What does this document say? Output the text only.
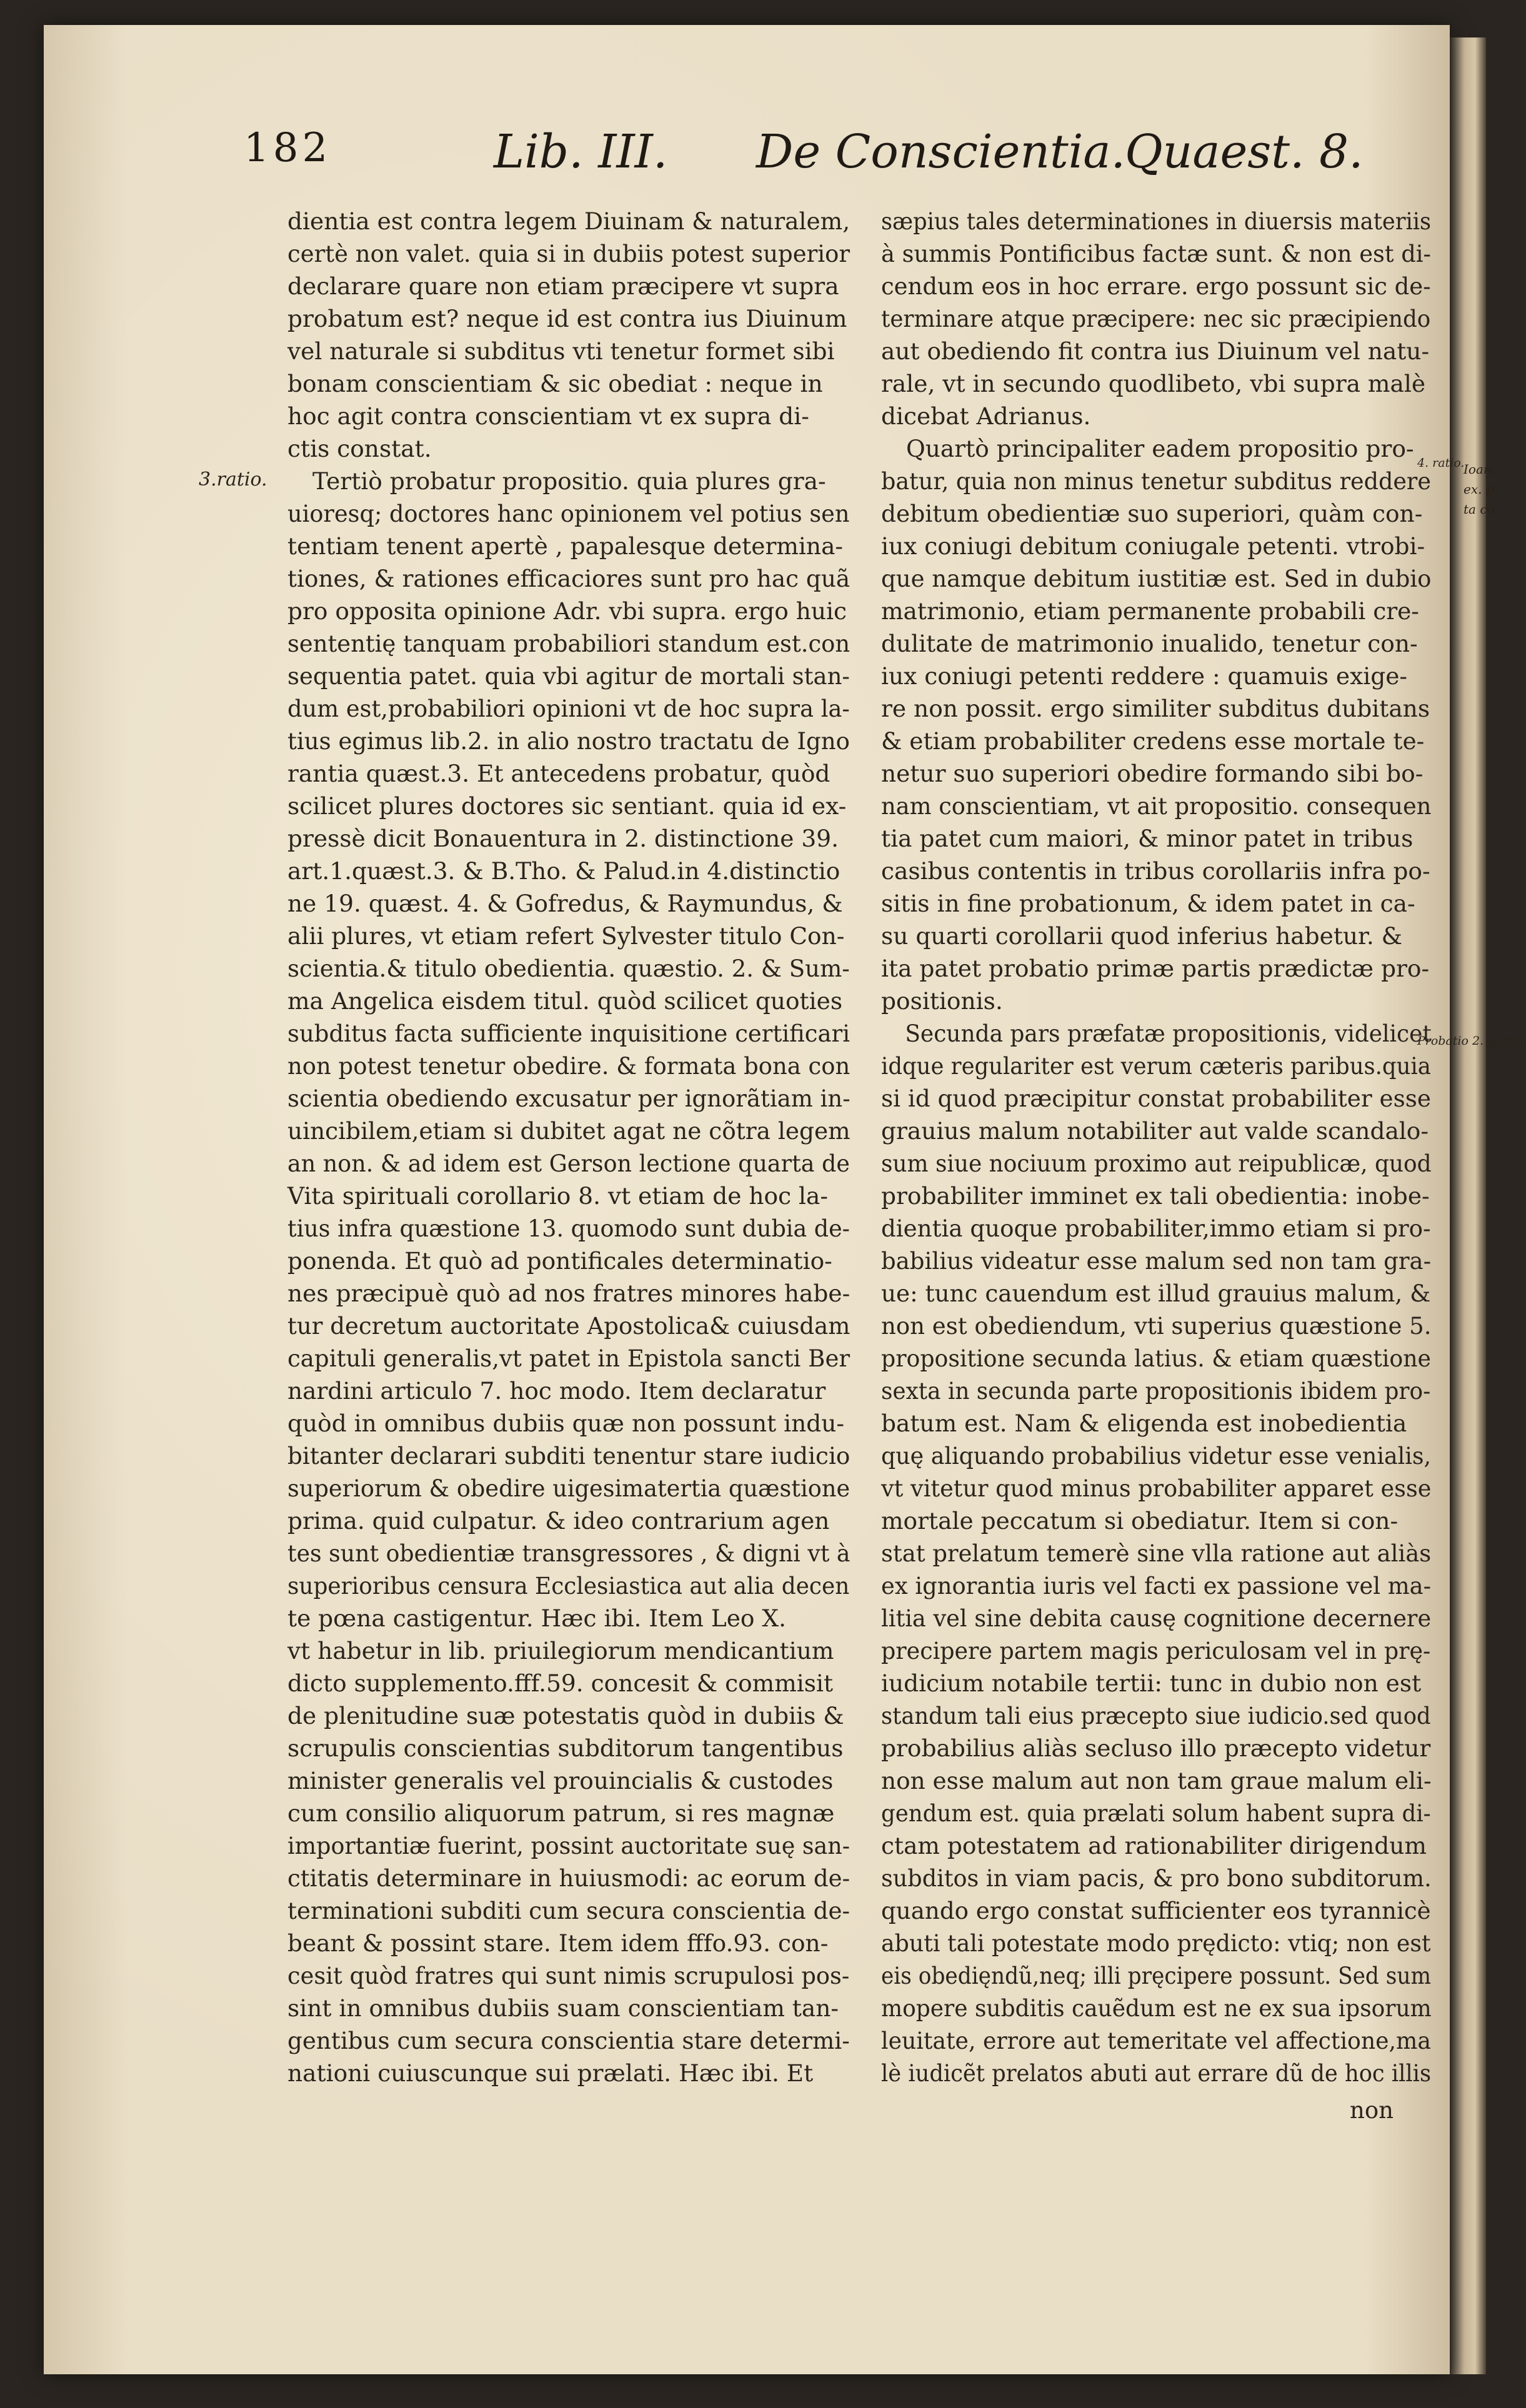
Ioan.
ex. p
ta co
182	Lib. III. De Conscientia.
Quaest. 8.
3.ratio.
4. ratio.
Probatio 2. partis.
dientia est contra legem Diuinam & naturalem,
certè non valet. quia si in dubiis potest superior
declarare quare non etiam præcipere vt supra
probatum est? neque id est contra ius Diuinum
vel naturale si subditus vti tenetur formet sibi
bonam conscientiam & sic obediat : neque in
hoc agit contra conscientiam vt ex supra di-
ctis constat.
Tertiò probatur propositio. quia plures gra-
uioresq; doctores hanc opinionem vel potius sen
tentiam tenent apertè , papalesque determina-
tiones, & rationes efficaciores sunt pro hac quã
pro opposita opinione Adr. vbi supra. ergo huic
sententię tanquam probabiliori standum est.con
sequentia patet. quia vbi agitur de mortali stan-
dum est,probabiliori opinioni vt de hoc supra la-
tius egimus lib.2. in alio nostro tractatu de Igno
rantia quæst.3. Et antecedens probatur, quòd
scilicet plures doctores sic sentiant. quia id ex-
pressè dicit Bonauentura in 2. distinctione 39.
art.1.quæst.3. & B.Tho. & Palud.in 4.distinctio
ne 19. quæst. 4. & Gofredus, & Raymundus, &
alii plures, vt etiam refert Sylvester titulo Con-
scientia.& titulo obedientia. quæstio. 2. & Sum-
ma Angelica eisdem titul. quòd scilicet quoties
subditus facta sufficiente inquisitione certificari
non potest tenetur obedire. & formata bona con
scientia obediendo excusatur per ignorãtiam in-
uincibilem,etiam si dubitet agat ne cõtra legem
an non. & ad idem est Gerson lectione quarta de
Vita spirituali corollario 8. vt etiam de hoc la-
tius infra quæstione 13. quomodo sunt dubia de-
ponenda. Et quò ad pontificales determinatio-
nes præcipuè quò ad nos fratres minores habe-
tur decretum auctoritate Apostolica& cuiusdam
capituli generalis,vt patet in Epistola sancti Ber
nardini articulo 7. hoc modo. Item declaratur
quòd in omnibus dubiis quæ non possunt indu-
bitanter declarari subditi tenentur stare iudicio
superiorum & obedire uigesimatertia quæstione
prima. quid culpatur. & ideo contrarium agen
tes sunt obedientiæ transgressores , & digni vt à
superioribus censura Ecclesiastica aut alia decen
te pœna castigentur. Hæc ibi. Item Leo X.
vt habetur in lib. priuilegiorum mendicantium
dicto supplemento.fff.59. concesit & commisit
de plenitudine suæ potestatis quòd in dubiis &
scrupulis conscientias subditorum tangentibus
minister generalis vel prouincialis & custodes
cum consilio aliquorum patrum, si res magnæ
importantiæ fuerint, possint auctoritate suę san-
ctitatis determinare in huiusmodi: ac eorum de-
terminationi subditi cum secura conscientia de-
beant & possint stare. Item idem fffo.93. con-
cesit quòd fratres qui sunt nimis scrupulosi pos-
sint in omnibus dubiis suam conscientiam tan-
gentibus cum secura conscientia stare determi-
nationi cuiuscunque sui prælati. Hæc ibi. Et
sæpius tales determinationes in diuersis materiis
à summis Pontificibus factæ sunt. & non est di-
cendum eos in hoc errare. ergo possunt sic de-
terminare atque præcipere: nec sic præcipiendo
aut obediendo fit contra ius Diuinum vel natu-
rale, vt in secundo quodlibeto, vbi supra malè
dicebat Adrianus.
Quartò principaliter eadem propositio pro-
batur, quia non minus tenetur subditus reddere
debitum obedientiæ suo superiori, quàm con-
iux coniugi debitum coniugale petenti. vtrobi-
que namque debitum iustitiæ est. Sed in dubio
matrimonio, etiam permanente probabili cre-
dulitate de matrimonio inualido, tenetur con-
iux coniugi petenti reddere : quamuis exige-
re non possit. ergo similiter subditus dubitans
& etiam probabiliter credens esse mortale te-
netur suo superiori obedire formando sibi bo-
nam conscientiam, vt ait propositio. consequen
tia patet cum maiori, & minor patet in tribus
casibus contentis in tribus corollariis infra po-
sitis in fine probationum, & idem patet in ca-
su quarti corollarii quod inferius habetur. &
ita patet probatio primæ partis prædictæ pro-
positionis.
Secunda pars præfatæ propositionis, videlicet
idque regulariter est verum cæteris paribus.quia
si id quod præcipitur constat probabiliter esse
grauius malum notabiliter aut valde scandalo-
sum siue nociuum proximo aut reipublicæ, quod
probabiliter imminet ex tali obedientia: inobe-
dientia quoque probabiliter,immo etiam si pro-
babilius videatur esse malum sed non tam gra-
ue: tunc cauendum est illud grauius malum, &
non est obediendum, vti superius quæstione 5.
propositione secunda latius. & etiam quæstione
sexta in secunda parte propositionis ibidem pro-
batum est. Nam & eligenda est inobedientia
quę aliquando probabilius videtur esse venialis,
vt vitetur quod minus probabiliter apparet esse
mortale peccatum si obediatur. Item si con-
stat prelatum temerè sine vlla ratione aut aliàs
ex ignorantia iuris vel facti ex passione vel ma-
litia vel sine debita causę cognitione decernere
precipere partem magis periculosam vel in prę-
iudicium notabile tertii: tunc in dubio non est
standum tali eius præcepto siue iudicio.sed quod
probabilius aliàs secluso illo præcepto videtur
non esse malum aut non tam graue malum eli-
gendum est. quia prælati solum habent supra di-
ctam potestatem ad rationabiliter dirigendum
subditos in viam pacis, & pro bono subditorum.
quando ergo constat sufficienter eos tyrannicè
abuti tali potestate modo prędicto: vtiq; non est
eis obedięndũ,neq; illi pręcipere possunt. Sed sum
mopere subditis cauẽdum est ne ex sua ipsorum
leuitate, errore aut temeritate vel affectione,ma
lè iudicẽt prelatos abuti aut errare dũ de hoc illis
non
